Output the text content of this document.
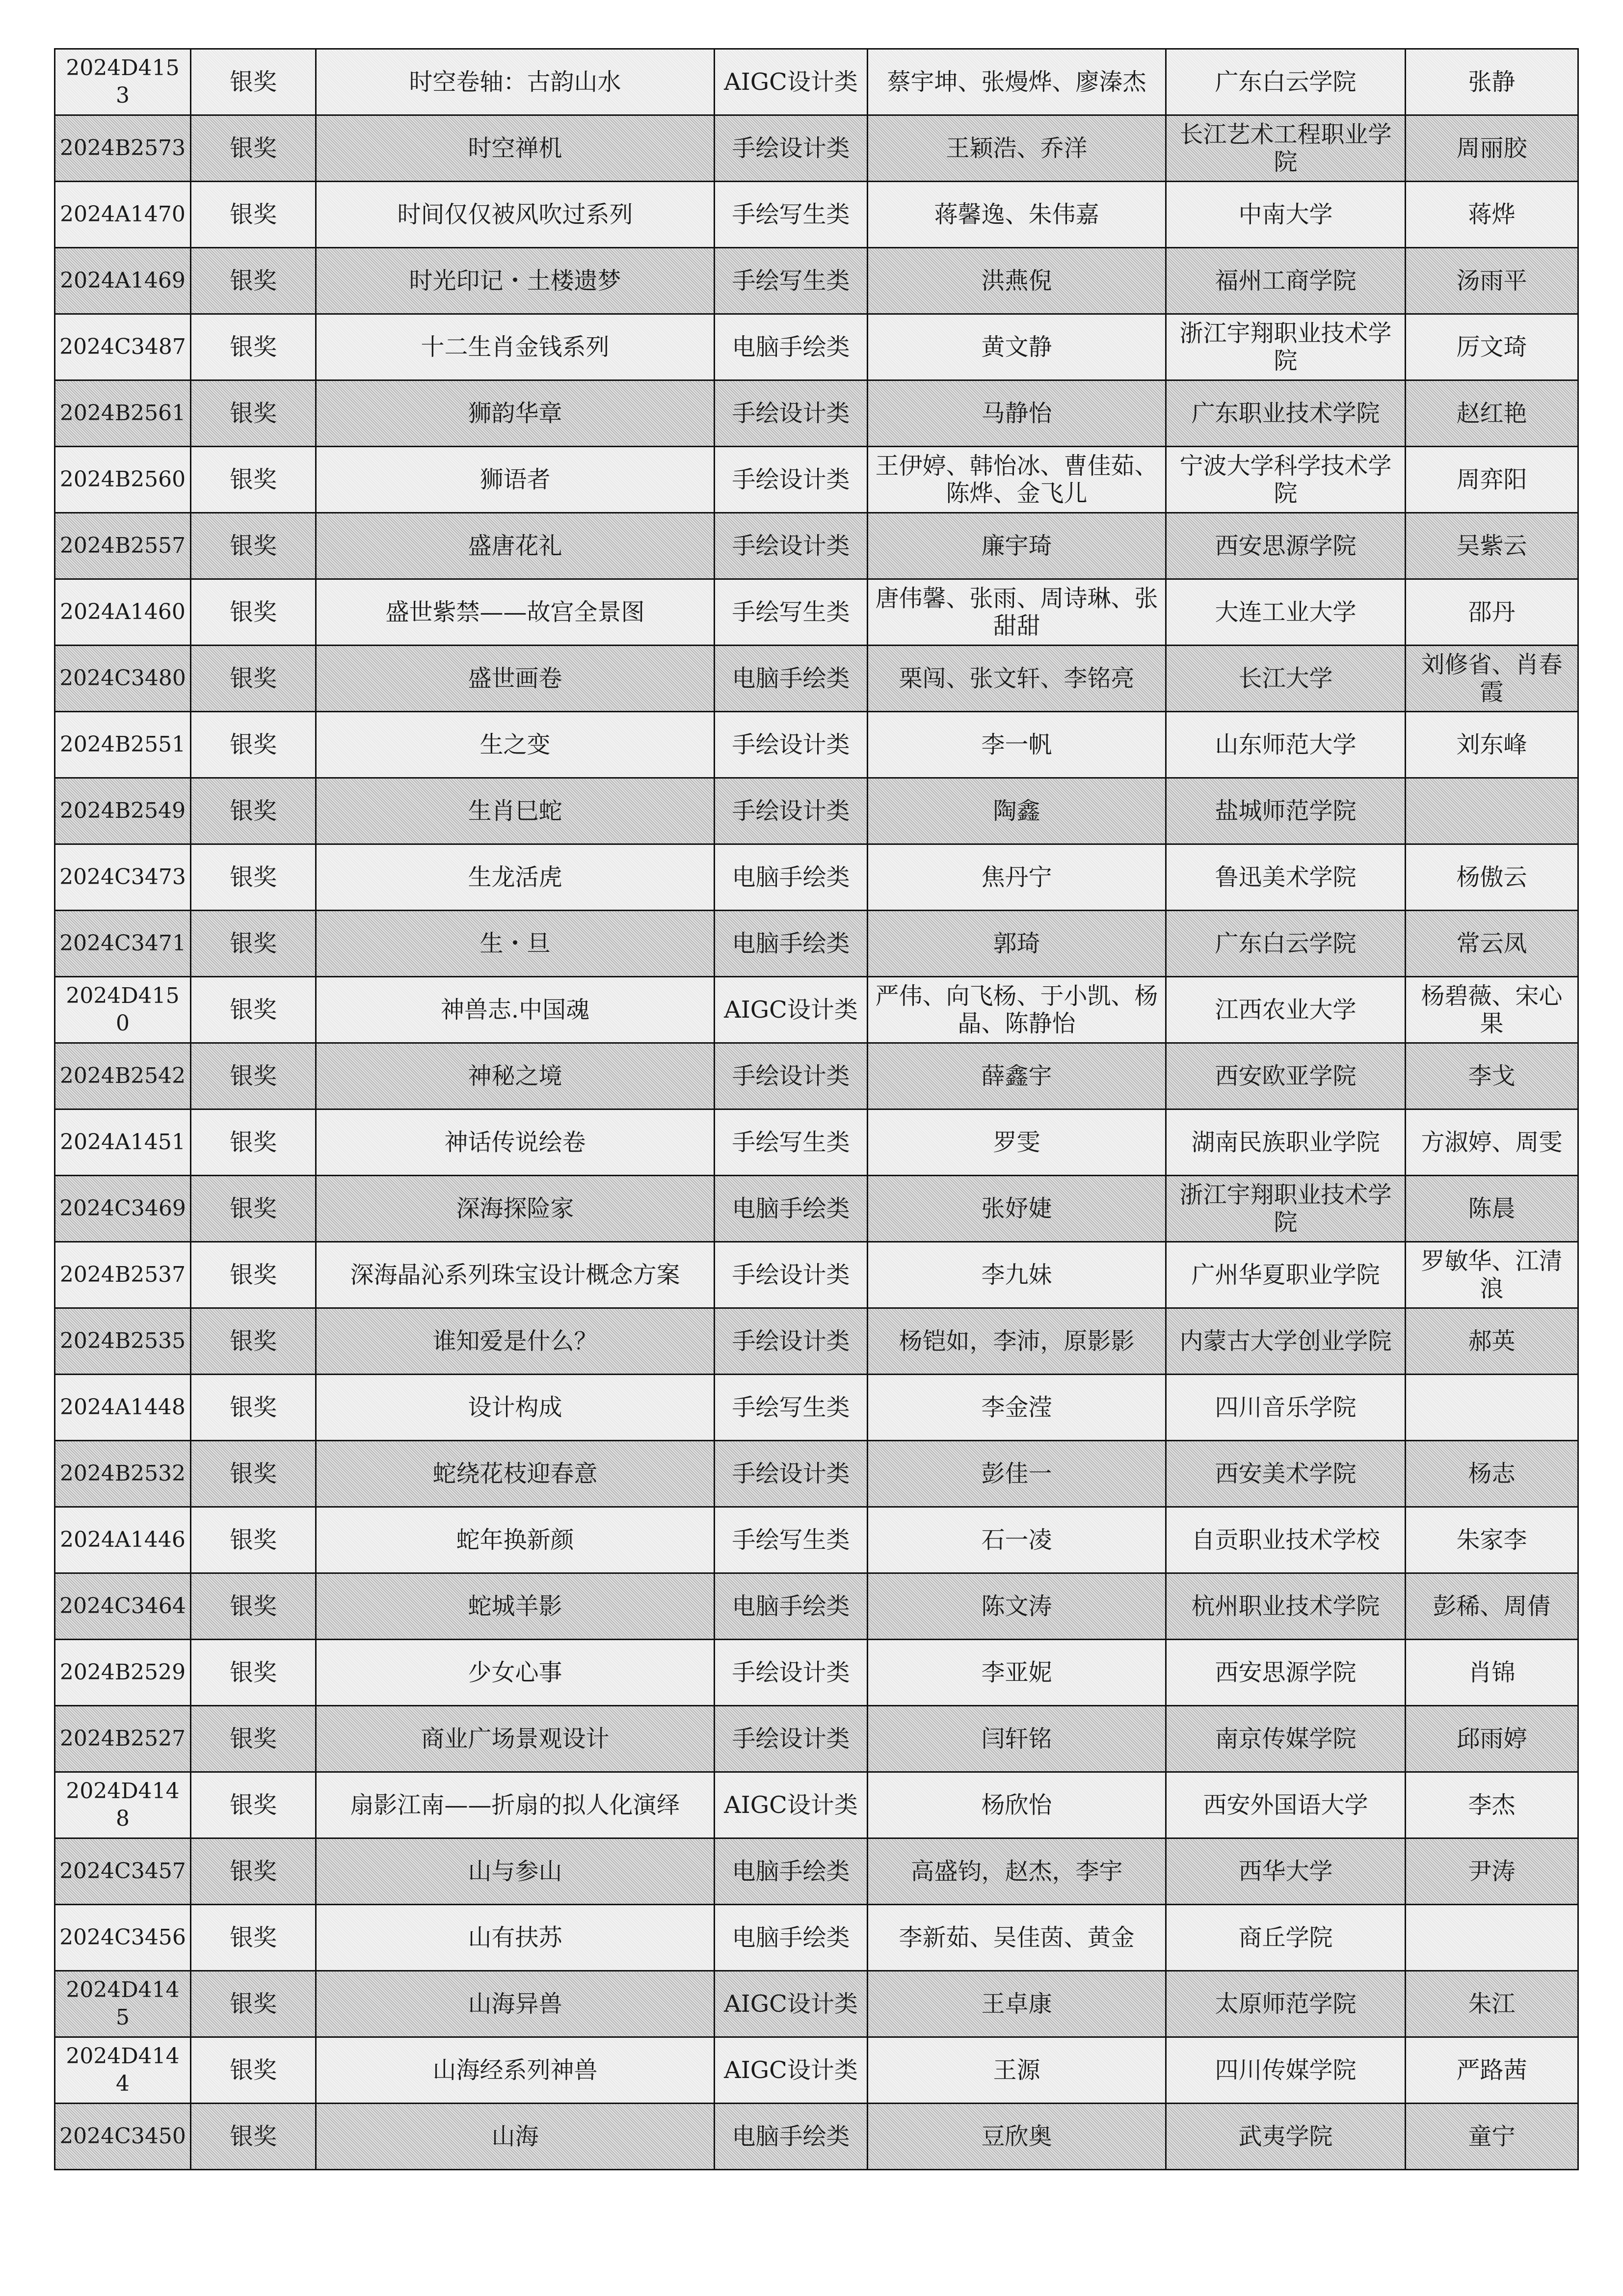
2024D4153	银奖	时空卷轴：古韵山水	AIGC设计类	蔡宇坤、张熳烨、廖溱杰	广东白云学院	张静
2024B2573	银奖	时空禅机	手绘设计类	王颖浩、乔洋	长江艺术工程职业学院	周丽胶
2024A1470	银奖	时间仅仅被风吹过系列	手绘写生类	蒋馨逸、朱伟嘉	中南大学	蒋烨
2024A1469	银奖	时光印记・土楼遗梦	手绘写生类	洪燕倪	福州工商学院	汤雨平
2024C3487	银奖	十二生肖金钱系列	电脑手绘类	黄文静	浙江宇翔职业技术学院	厉文琦
2024B2561	银奖	狮韵华章	手绘设计类	马静怡	广东职业技术学院	赵红艳
2024B2560	银奖	狮语者	手绘设计类	王伊婷、韩怡冰、曹佳茹、陈烨、金飞儿	宁波大学科学技术学院	周弈阳
2024B2557	银奖	盛唐花礼	手绘设计类	廉宇琦	西安思源学院	吴紫云
2024A1460	银奖	盛世紫禁——故宫全景图	手绘写生类	唐伟馨、张雨、周诗琳、张甜甜	大连工业大学	邵丹
2024C3480	银奖	盛世画卷	电脑手绘类	栗闯、张文轩、李铭亮	长江大学	刘修省、肖春霞
2024B2551	银奖	生之变	手绘设计类	李一帆	山东师范大学	刘东峰
2024B2549	银奖	生肖巳蛇	手绘设计类	陶鑫	盐城师范学院	
2024C3473	银奖	生龙活虎	电脑手绘类	焦丹宁	鲁迅美术学院	杨傲云
2024C3471	银奖	生・旦	电脑手绘类	郭琦	广东白云学院	常云凤
2024D4150	银奖	神兽志.中国魂	AIGC设计类	严伟、向飞杨、于小凯、杨晶、陈静怡	江西农业大学	杨碧薇、宋心果
2024B2542	银奖	神秘之境	手绘设计类	薛鑫宇	西安欧亚学院	李戈
2024A1451	银奖	神话传说绘卷	手绘写生类	罗雯	湖南民族职业学院	方淑婷、周雯
2024C3469	银奖	深海探险家	电脑手绘类	张妤婕	浙江宇翔职业技术学院	陈晨
2024B2537	银奖	深海晶沁系列珠宝设计概念方案	手绘设计类	李九妹	广州华夏职业学院	罗敏华、江清浪
2024B2535	银奖	谁知爱是什么？	手绘设计类	杨铠如，李沛，原影影	内蒙古大学创业学院	郝英
2024A1448	银奖	设计构成	手绘写生类	李金滢	四川音乐学院	
2024B2532	银奖	蛇绕花枝迎春意	手绘设计类	彭佳一	西安美术学院	杨志
2024A1446	银奖	蛇年换新颜	手绘写生类	石一凌	自贡职业技术学校	朱家李
2024C3464	银奖	蛇城羊影	电脑手绘类	陈文涛	杭州职业技术学院	彭稀、周倩
2024B2529	银奖	少女心事	手绘设计类	李亚妮	西安思源学院	肖锦
2024B2527	银奖	商业广场景观设计	手绘设计类	闫轩铭	南京传媒学院	邱雨婷
2024D4148	银奖	扇影江南——折扇的拟人化演绎	AIGC设计类	杨欣怡	西安外国语大学	李杰
2024C3457	银奖	山与参山	电脑手绘类	高盛钧，赵杰，李宇	西华大学	尹涛
2024C3456	银奖	山有扶苏	电脑手绘类	李新茹、吴佳茵、黄金	商丘学院	
2024D4145	银奖	山海异兽	AIGC设计类	王卓康	太原师范学院	朱江
2024D4144	银奖	山海经系列神兽	AIGC设计类	王源	四川传媒学院	严路茜
2024C3450	银奖	山海	电脑手绘类	豆欣奥	武夷学院	童宁
